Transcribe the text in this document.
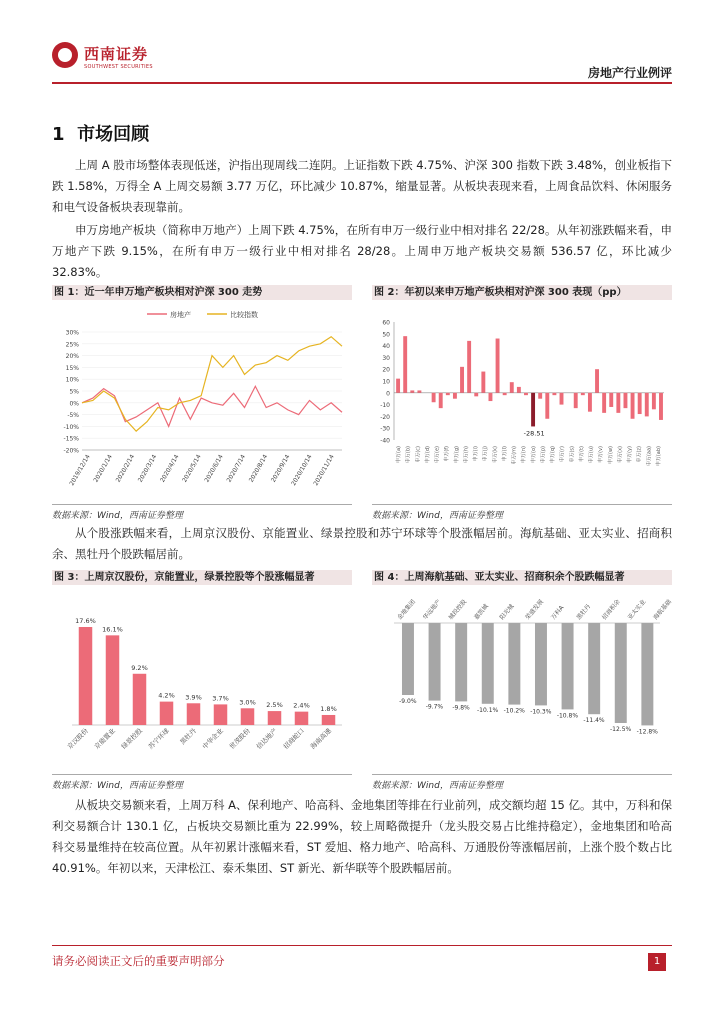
西南证券
SOUTHWEST SECURITIES	房地产行业例评
1 市场回顾
上周 A 股市场整体表现低迷，沪指出现周线二连阴。上证指数下跌 4.75%、沪深 300 指数下跌 3.48%，创业板指下跌 1.58%，万得全 A 上周交易额 3.77 万亿，环比减少 10.87%，缩量显著。从板块表现来看，上周食品饮料、休闲服务和电气设备板块表现靠前。
申万房地产板块（简称申万地产）上周下跌 4.75%，在所有申万一级行业中相对排名 22/28。从年初涨跌幅来看，申万地产下跌 9.15%，在所有申万一级行业中相对排名 28/28。上周申万地产板块交易额 536.57 亿，环比减少 32.83%。
图 1：近一年申万地产板块相对沪深 300 走势
30%
25%
20%
15%
10%
5%
0%
-5%
-10%
-15%
-20%
2019/12/14 2020/1/14 2020/2/14 2020/3/14 2020/4/14 2020/5/14 2020/6/14 2020/7/14 2020/8/14 2020/9/14
2020/10/14
2020/11/14
房地产	比较指数
数据来源：Wind，西南证券整理
图 2：年初以来申万地产板块相对沪深 300 表现（pp）
60
50
40
30
20
10
0
-10
-20
-30
-40
-28.51
申万(a) 申万(b) 申万(c) 申万(d) 申万(e) 申万(f) 申万(g) 申万(h) 申万(i) 申万(j) 申万(k) 申万(l) 申万(m) 申万(n) 申万(o) 申万(p) 申万(q) 申万(r) 申万(s) 申万(t) 申万(u) 申万(v) 申万(w) 申万(x) 申万(y) 申万(z) 申万(aa) 申万(ab)
数据来源：Wind，西南证券整理
从个股涨跌幅来看，上周京汉股份、京能置业、绿景控股和苏宁环球等个股涨幅居前。海航基础、亚太实业、招商积余、黑牡丹个股跌幅居前。
图 3：上周京汉股份，京能置业，绿景控股等个股涨幅显著
17.6%
京汉股份
16.1%
京能置业
9.2%
绿景控股
4.2%
苏宁环球
3.9%
黑牡丹
3.7%
中华企业
3.0%
世茂股份
2.5%
信达地产
2.4%
招商蛇口
1.8%
海南高速
数据来源：Wind，西南证券整理
图 4：上周海航基础、亚太实业、招商积余个股跌幅显著
-9.0%
-9.7% -9.8% -10.1% -10.2% -10.3%
-10.8%
-11.4%
-12.5% -12.8%
金地集团 华远地产 城投控股 嘉凯城 阳光城 荣盛发展 万科A 黑牡丹 招商积余 亚太实业 海航基础
数据来源：Wind，西南证券整理
从板块交易额来看，上周万科 A、保利地产、哈高科、金地集团等排在行业前列，成交额均超 15 亿。其中，万科和保利交易额合计 130.1 亿，占板块交易额比重为 22.99%，较上周略微提升（龙头股交易占比维持稳定），金地集团和哈高科交易量维持在较高位置。从年初累计涨幅来看，ST 爱旭、格力地产、哈高科、万通股份等涨幅居前，上涨个股个数占比 40.91%。年初以来，天津松江、泰禾集团、ST 新光、新华联等个股跌幅居前。
请务必阅读正文后的重要声明部分	1
